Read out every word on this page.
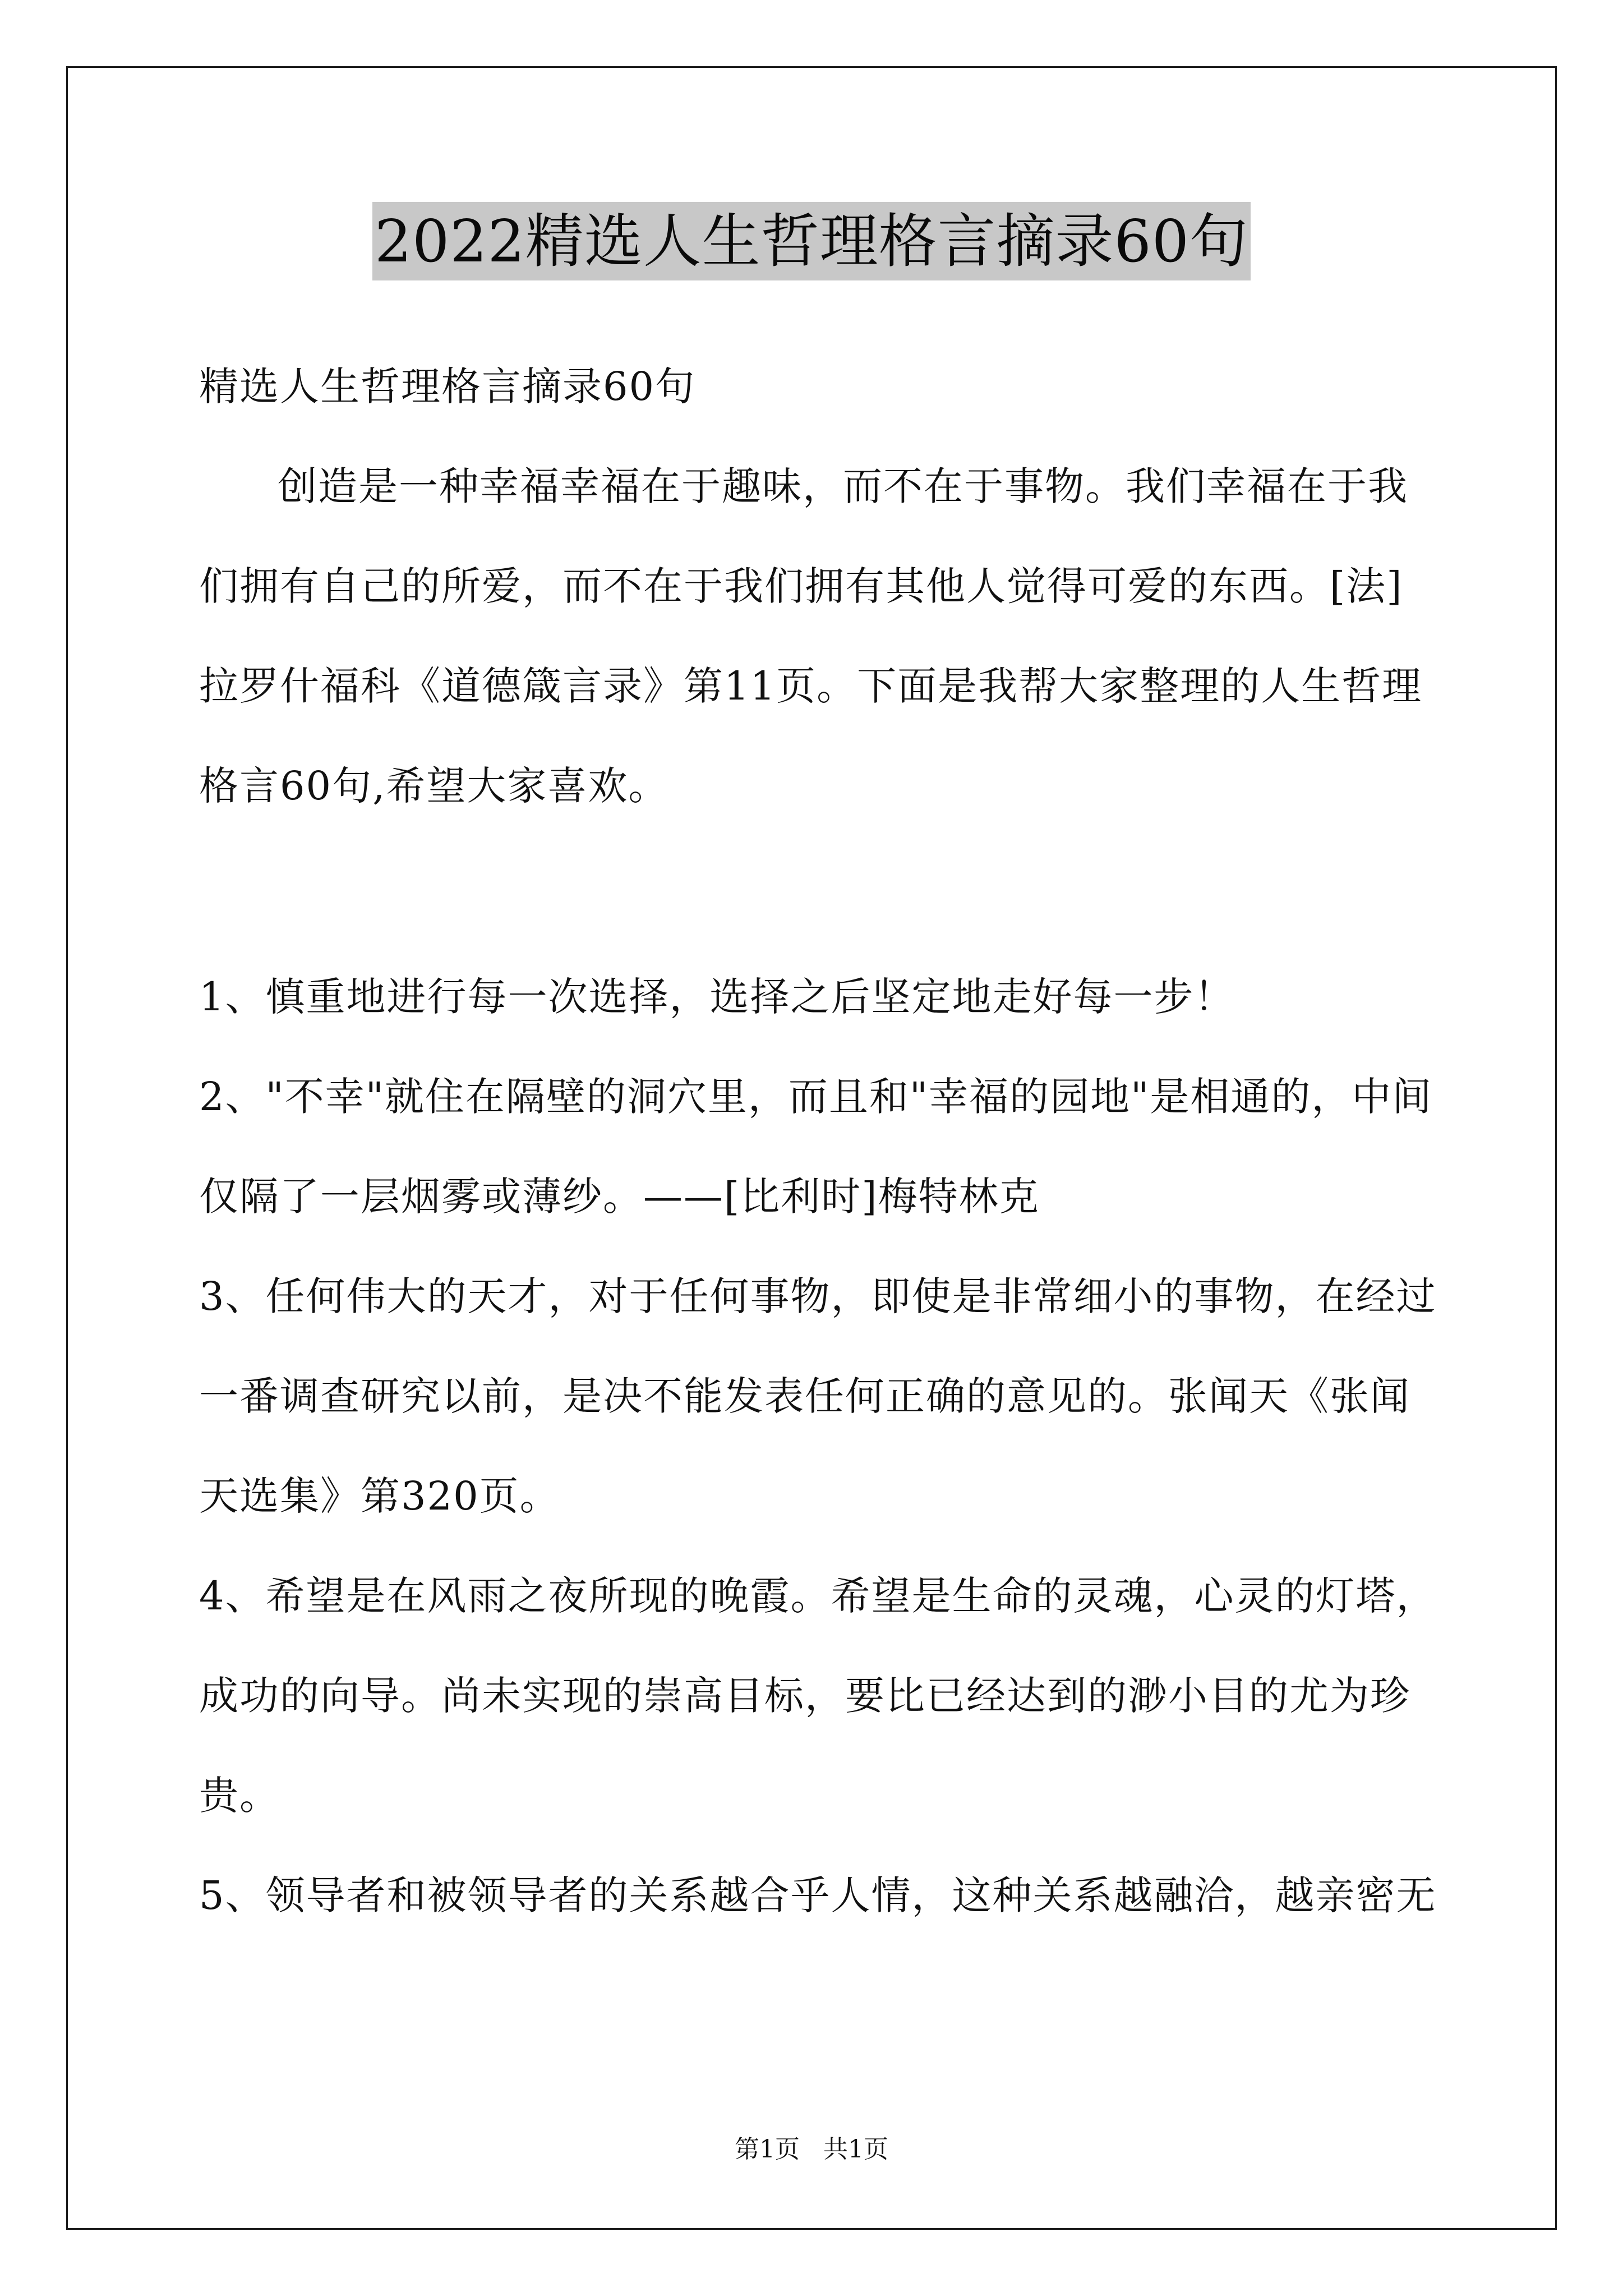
2022精选人生哲理格言摘录60句
精选人生哲理格言摘录60句
创造是一种幸福幸福在于趣味，而不在于事物。我们幸福在于我
们拥有自己的所爱，而不在于我们拥有其他人觉得可爱的东西。[法]
拉罗什福科《道德箴言录》第11页。下面是我帮大家整理的人生哲理
格言60句,希望大家喜欢。
1、慎重地进行每一次选择，选择之后坚定地走好每一步！
2、"不幸"就住在隔壁的洞穴里，而且和"幸福的园地"是相通的，中间
仅隔了一层烟雾或薄纱。——[比利时]梅特林克
3、任何伟大的天才，对于任何事物，即使是非常细小的事物，在经过
一番调查研究以前，是决不能发表任何正确的意见的。张闻天《张闻
天选集》第320页。
4、希望是在风雨之夜所现的晚霞。希望是生命的灵魂，心灵的灯塔，
成功的向导。尚未实现的崇高目标，要比已经达到的渺小目的尤为珍
贵。
5、领导者和被领导者的关系越合乎人情，这种关系越融洽，越亲密无
第1页   共1页
